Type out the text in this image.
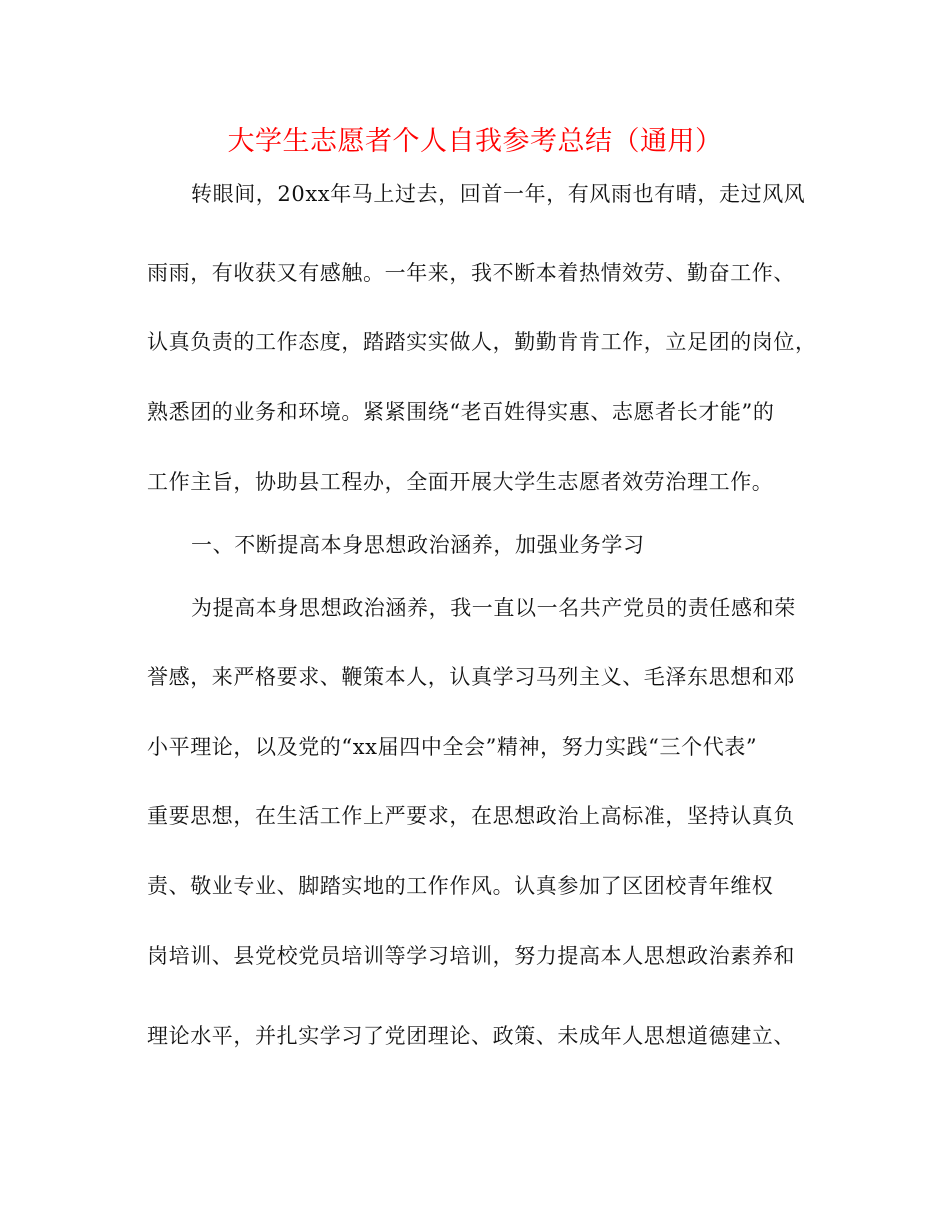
大学生志愿者个人自我参考总结（通用）
转眼间，20xx年马上过去，回首一年，有风雨也有晴，走过风风
雨雨，有收获又有感触。一年来，我不断本着热情效劳、勤奋工作、
认真负责的工作态度，踏踏实实做人，勤勤肯肯工作，立足团的岗位，
熟悉团的业务和环境。紧紧围绕“老百姓得实惠、志愿者长才能”的
工作主旨，协助县工程办，全面开展大学生志愿者效劳治理工作。
一、不断提高本身思想政治涵养，加强业务学习
为提高本身思想政治涵养，我一直以一名共产党员的责任感和荣
誉感，来严格要求、鞭策本人，认真学习马列主义、毛泽东思想和邓
小平理论，以及党的“xx届四中全会”精神，努力实践“三个代表”
重要思想，在生活工作上严要求，在思想政治上高标准，坚持认真负
责、敬业专业、脚踏实地的工作作风。认真参加了区团校青年维权
岗培训、县党校党员培训等学习培训，努力提高本人思想政治素养和
理论水平，并扎实学习了党团理论、政策、未成年人思想道德建立、
